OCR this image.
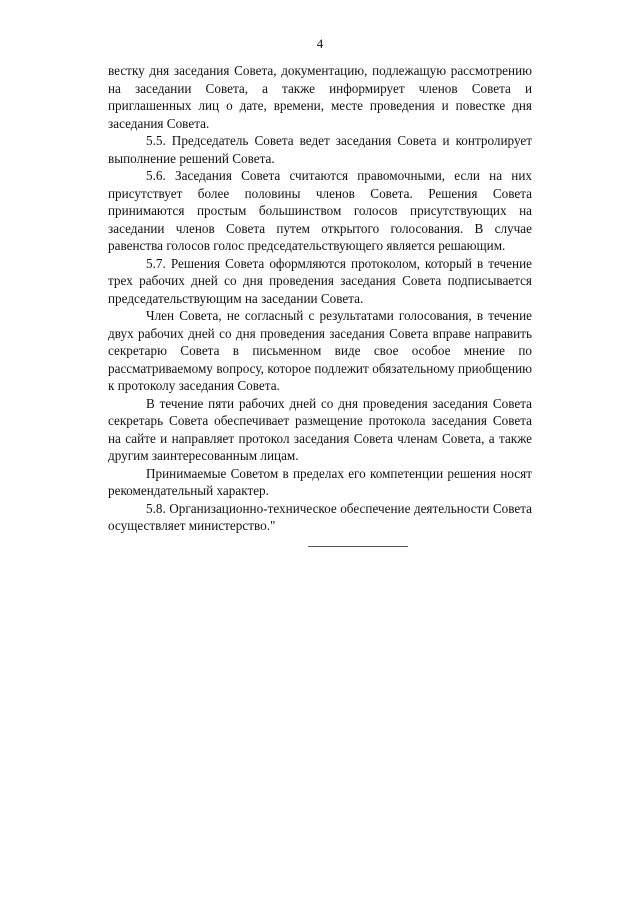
4

вестку дня заседания Совета, документацию, подлежащую рассмотрению на заседании Совета, а также информирует членов Совета и приглашенных лиц о дате, времени, месте проведения и повестке дня заседания Совета.

5.5. Председатель Совета ведет заседания Совета и контролирует выполнение решений Совета.

5.6. Заседания Совета считаются правомочными, если на них присутствует более половины членов Совета. Решения Совета принимаются простым большинством голосов присутствующих на заседании членов Совета путем открытого голосования. В случае равенства голосов голос председательствующего является решающим.

5.7. Решения Совета оформляются протоколом, который в течение трех рабочих дней со дня проведения заседания Совета подписывается председательствующим на заседании Совета.

Член Совета, не согласный с результатами голосования, в течение двух рабочих дней со дня проведения заседания Совета вправе направить секретарю Совета в письменном виде свое особое мнение по рассматриваемому вопросу, которое подлежит обязательному приобщению к протоколу заседания Совета.

В течение пяти рабочих дней со дня проведения заседания Совета секретарь Совета обеспечивает размещение протокола заседания Совета на сайте и направляет протокол заседания Совета членам Совета, а также другим заинтересованным лицам.

Принимаемые Советом в пределах его компетенции решения носят рекомендательный характер.

5.8. Организационно-техническое обеспечение деятельности Совета осуществляет министерство."
